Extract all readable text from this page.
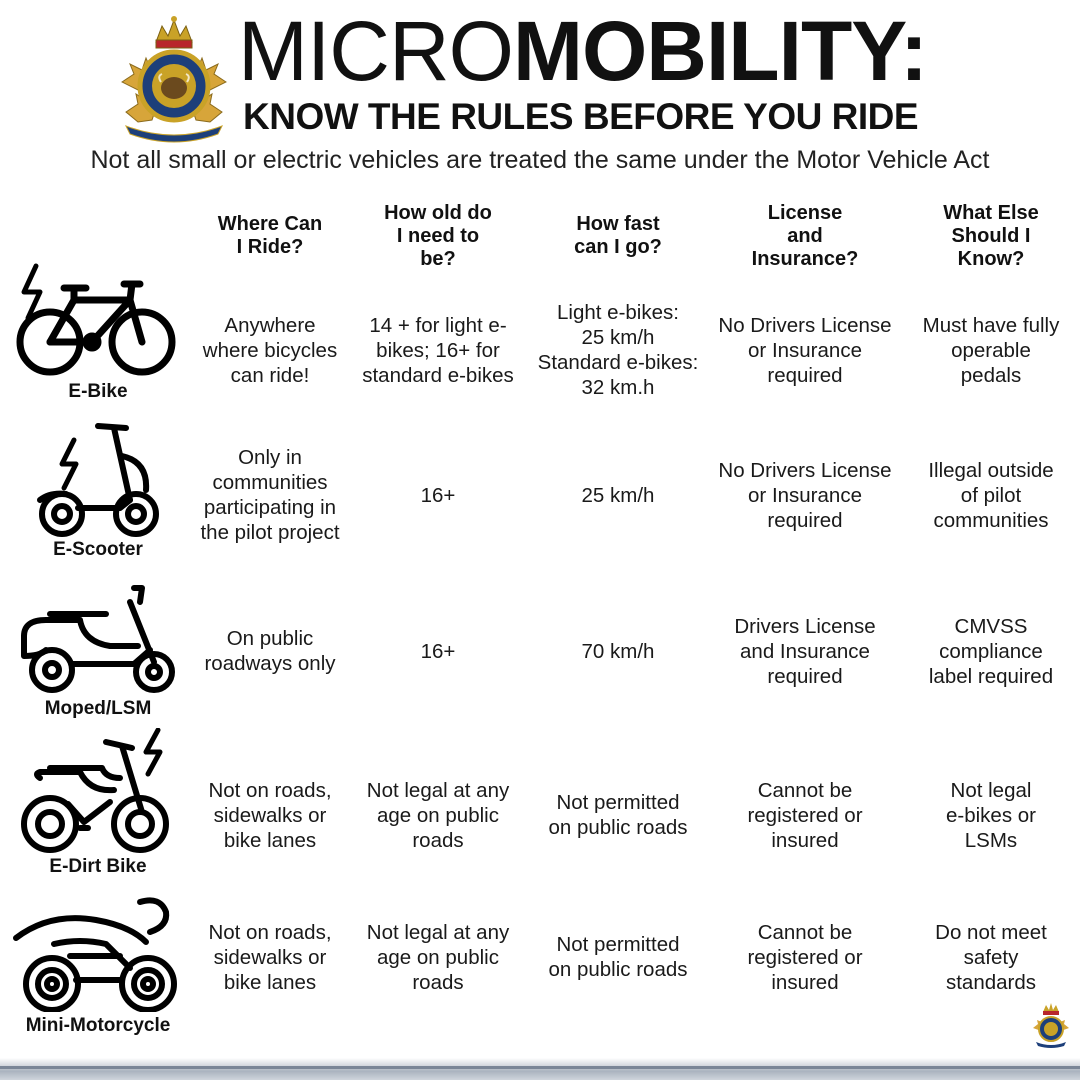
MICROMOBILITY:
KNOW THE RULES BEFORE YOU RIDE
Not all small or electric vehicles are treated the same under the Motor Vehicle Act
Where Can
I Ride?
How old do
I need to
be?
How fast
can I go?
License
and
Insurance?
What Else
Should I
Know?
E-Bike
E-Scooter
Moped/LSM
E-Dirt Bike
Mini-Motorcycle
Anywhere
where bicycles
can ride!
14 + for light e-
bikes; 16+ for
standard e-bikes
Light e-bikes:
25 km/h
Standard e-bikes:
32 km.h
No Drivers License
or Insurance
required
Must have fully
operable
pedals
Only in
communities
participating in
the pilot project
16+	25 km/h
No Drivers License
or Insurance
required
Illegal outside
of pilot
communities
On public
roadways only
16+	70 km/h
Drivers License
and Insurance
required
CMVSS
compliance
label required
Not on roads,
sidewalks or
bike lanes
Not legal at any
age on public
roads
Not permitted
on public roads
Cannot be
registered or
insured
Not legal
e-bikes or
LSMs
Not on roads,
sidewalks or
bike lanes
Not legal at any
age on public
roads
Not permitted
on public roads
Cannot be
registered or
insured
Do not meet
safety
standards
